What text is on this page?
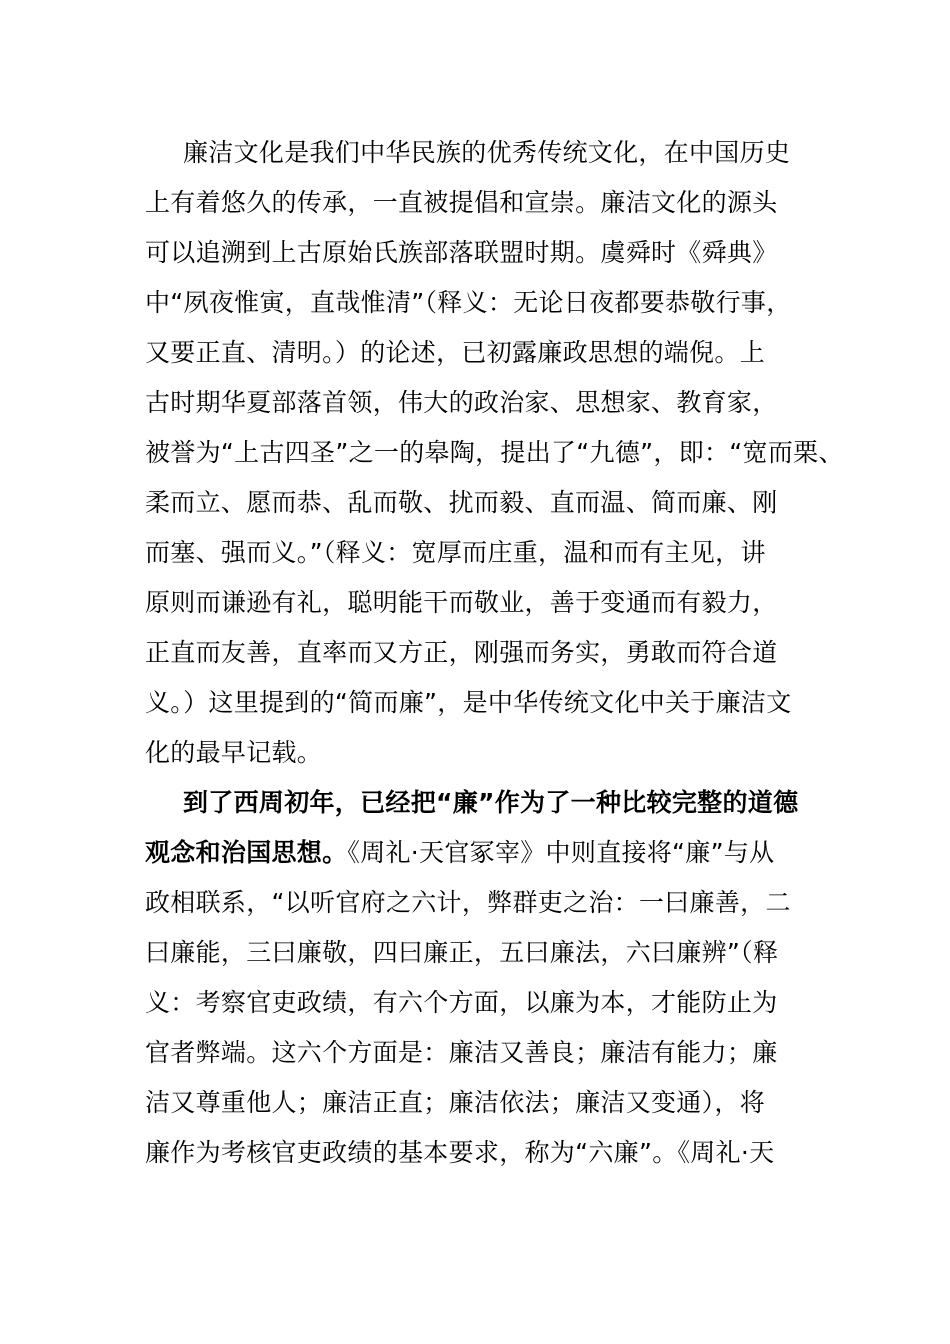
廉洁文化是我们中华民族的优秀传统文化，在中国历史
上有着悠久的传承，一直被提倡和宣崇。廉洁文化的源头
可以追溯到上古原始氏族部落联盟时期。虞舜时《舜典》
中“夙夜惟寅，直哉惟清”（释义：无论日夜都要恭敬行事，
又要正直、清明。）的论述，已初露廉政思想的端倪。上
古时期华夏部落首领，伟大的政治家、思想家、教育家，
被誉为“上古四圣”之一的皋陶，提出了“九德”，即：“宽而栗、
柔而立、愿而恭、乱而敬、扰而毅、直而温、简而廉、刚
而塞、强而义。”（释义：宽厚而庄重，温和而有主见，讲
原则而谦逊有礼，聪明能干而敬业，善于变通而有毅力，
正直而友善，直率而又方正，刚强而务实，勇敢而符合道
义。）这里提到的“简而廉”，是中华传统文化中关于廉洁文
化的最早记载。
到了西周初年，已经把“廉”作为了一种比较完整的道德
观念和治国思想。《周礼·天官冢宰》中则直接将“廉”与从
政相联系，“以听官府之六计，弊群吏之治：一曰廉善，二
曰廉能，三曰廉敬，四曰廉正，五曰廉法，六曰廉辨”（释
义：考察官吏政绩，有六个方面，以廉为本，才能防止为
官者弊端。这六个方面是：廉洁又善良；廉洁有能力；廉
洁又尊重他人；廉洁正直；廉洁依法；廉洁又变通），将
廉作为考核官吏政绩的基本要求，称为“六廉”。《周礼·天
